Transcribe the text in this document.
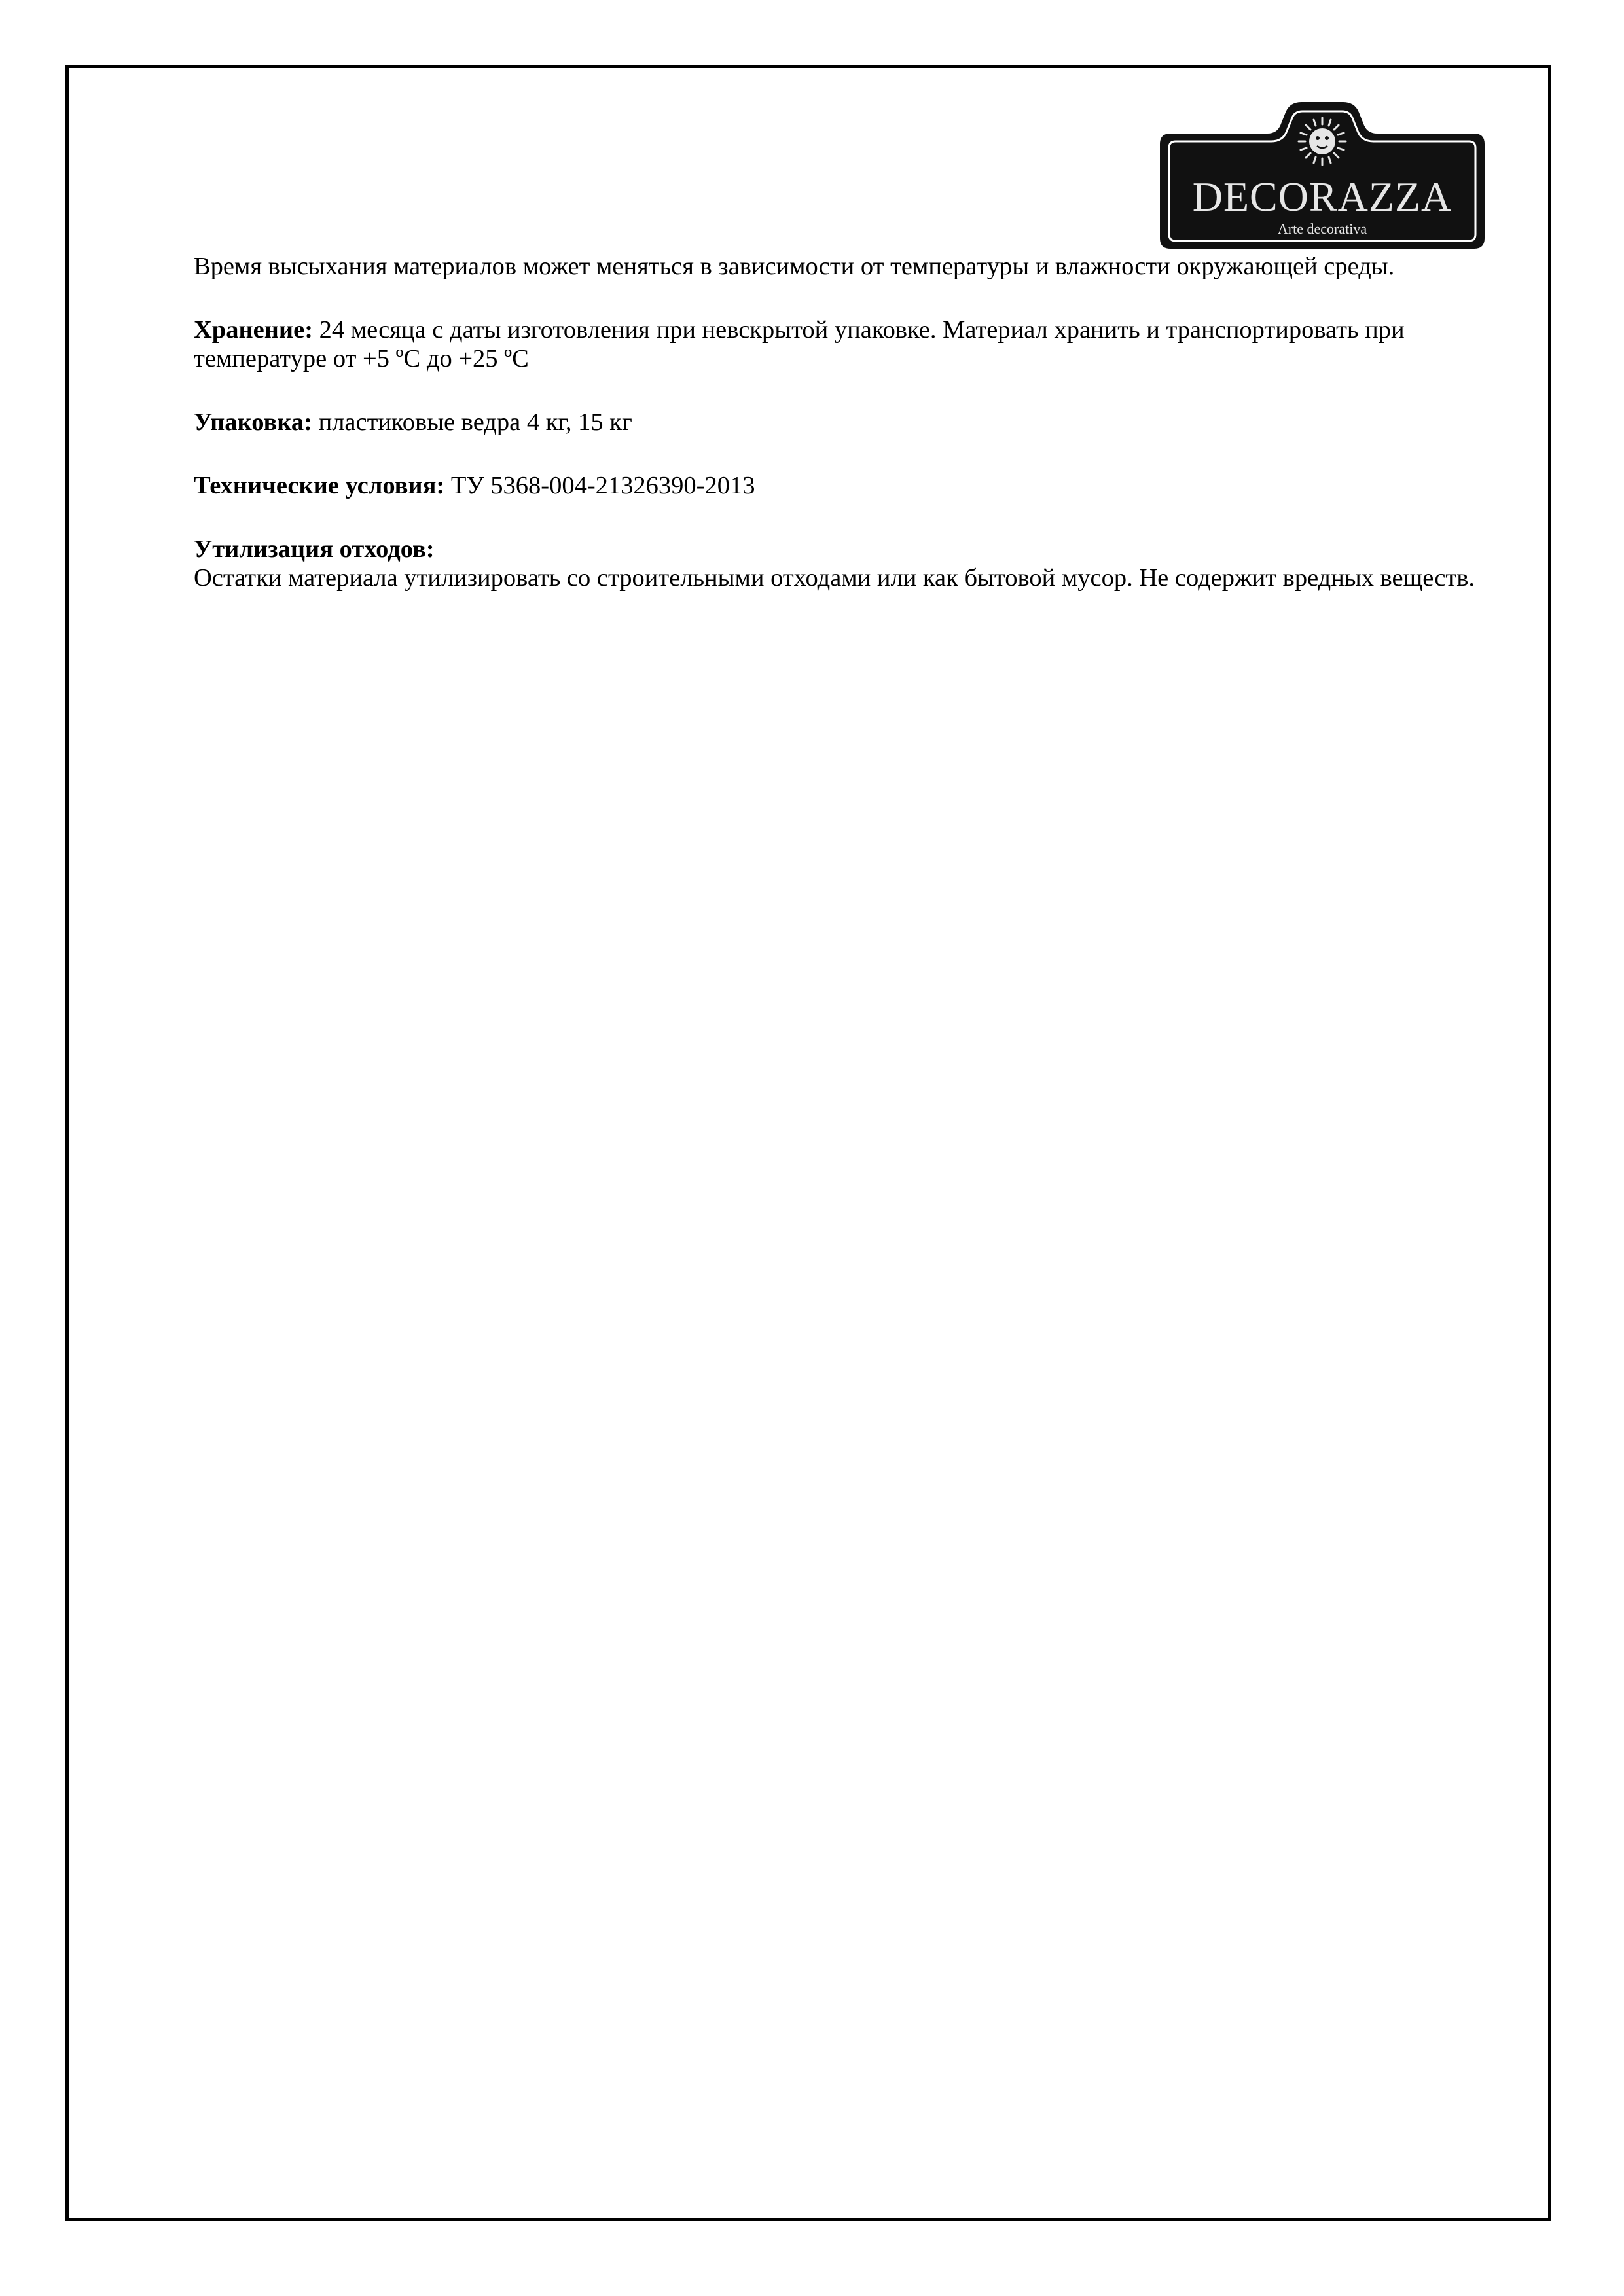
DECORAZZA
Arte decorativa

Время высыхания материалов может меняться в зависимости от температуры и влажности окружающей среды.

Хранение: 24 месяца с даты изготовления при невскрытой упаковке. Материал хранить и транспортировать при температуре от +5 ºС до +25 ºС

Упаковка: пластиковые ведра 4 кг, 15 кг

Технические условия: ТУ 5368-004-21326390-2013

Утилизация отходов:
Остатки материала утилизировать со строительными отходами или как бытовой мусор. Не содержит вредных веществ.
